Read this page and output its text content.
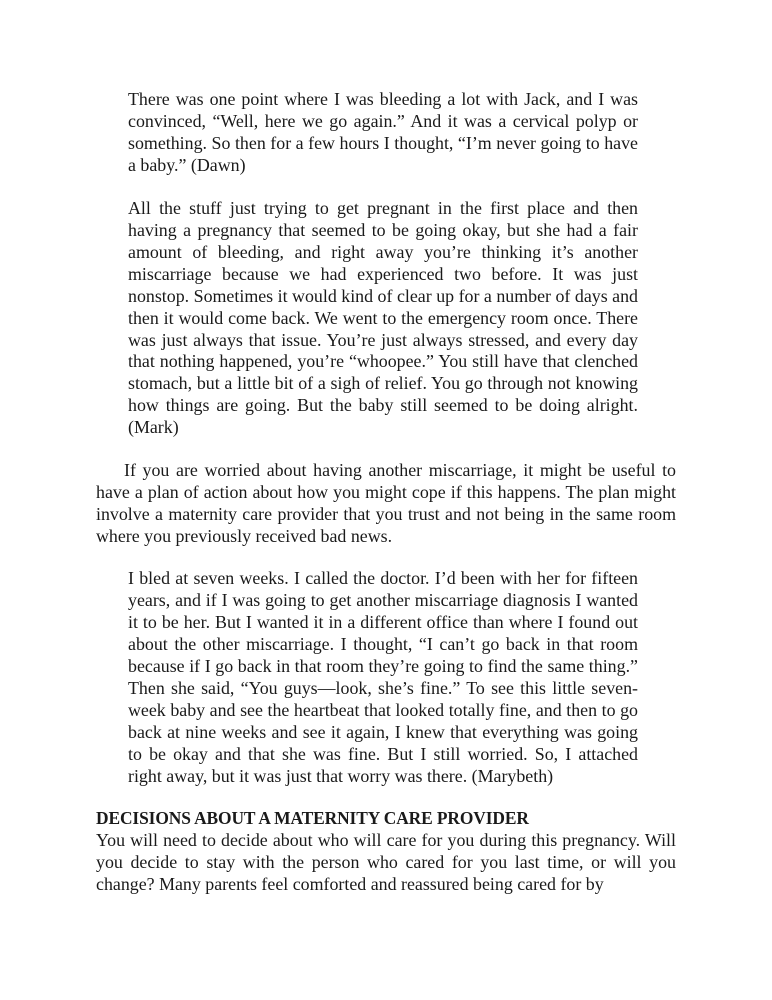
There was one point where I was bleeding a lot with Jack, and I was convinced, “Well, here we go again.” And it was a cervical polyp or something. So then for a few hours I thought, “I’m never going to have a baby.” (Dawn)
All the stuff just trying to get pregnant in the first place and then having a pregnancy that seemed to be going okay, but she had a fair amount of bleeding, and right away you’re thinking it’s another miscarriage because we had experienced two before. It was just nonstop. Sometimes it would kind of clear up for a number of days and then it would come back. We went to the emergency room once. There was just always that issue. You’re just always stressed, and every day that nothing happened, you’re “whoopee.” You still have that clenched stomach, but a little bit of a sigh of relief. You go through not knowing how things are going. But the baby still seemed to be doing alright. (Mark)
If you are worried about having another miscarriage, it might be useful to have a plan of action about how you might cope if this happens. The plan might involve a maternity care provider that you trust and not being in the same room where you previously received bad news.
I bled at seven weeks. I called the doctor. I’d been with her for fifteen years, and if I was going to get another miscarriage diagnosis I wanted it to be her. But I wanted it in a different office than where I found out about the other miscarriage. I thought, “I can’t go back in that room because if I go back in that room they’re going to find the same thing.” Then she said, “You guys—look, she’s fine.” To see this little seven-week baby and see the heartbeat that looked totally fine, and then to go back at nine weeks and see it again, I knew that everything was going to be okay and that she was fine. But I still worried. So, I attached right away, but it was just that worry was there. (Marybeth)
DECISIONS ABOUT A MATERNITY CARE PROVIDER
You will need to decide about who will care for you during this pregnancy. Will you decide to stay with the person who cared for you last time, or will you change? Many parents feel comforted and reassured being cared for by
